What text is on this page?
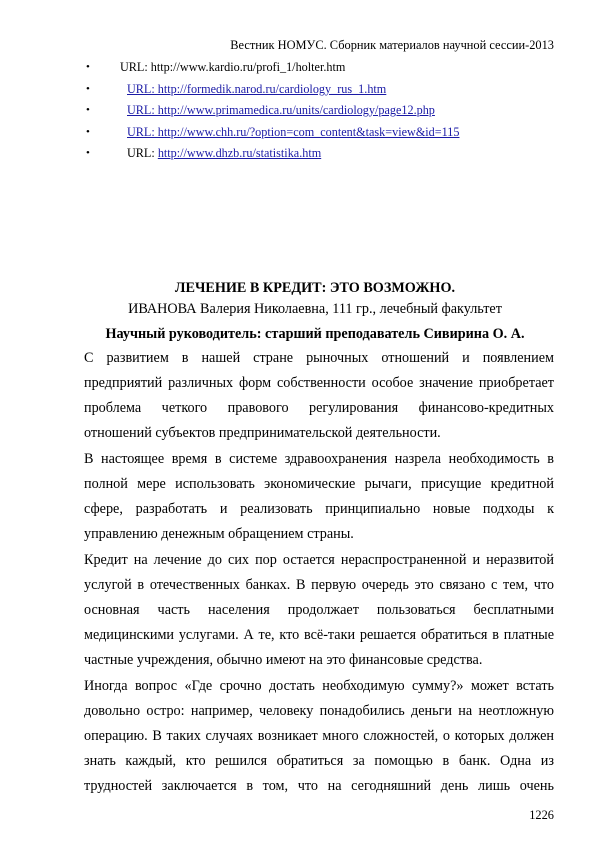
Вестник НОМУС. Сборник материалов научной сессии-2013
• URL: http://www.kardio.ru/profi_1/holter.htm
•	URL: http://formedik.narod.ru/cardiology_rus_1.htm
•	URL: http://www.primamedica.ru/units/cardiology/page12.php
•	URL: http://www.chh.ru/?option=com_content&task=view&id=115
•	URL: http://www.dhzb.ru/statistika.htm
ЛЕЧЕНИЕ В КРЕДИТ: ЭТО ВОЗМОЖНО.
ИВАНОВА Валерия Николаевна, 111 гр., лечебный факультет
Научный руководитель: старший преподаватель Сивирина О. А.

С развитием в нашей стране рыночных отношений и появлением предприятий различных форм собственности особое значение приобретает проблема четкого правового регулирования финансово-кредитных отношений субъектов предпринимательской деятельности.

В настоящее время в системе здравоохранения назрела необходимость в полной мере использовать экономические рычаги, присущие кредитной сфере, разработать и реализовать принципиально новые подходы к управлению денежным обращением страны.

Кредит на лечение до сих пор остается нераспространенной и неразвитой услугой в отечественных банках. В первую очередь это связано с тем, что основная часть населения продолжает пользоваться бесплатными медицинскими услугами. А те, кто всё-таки решается обратиться в платные частные учреждения, обычно имеют на это финансовые средства.

Иногда вопрос «Где срочно достать необходимую сумму?» может встать довольно остро: например, человеку понадобились деньги на неотложную операцию. В таких случаях возникает много сложностей, о которых должен знать каждый, кто решился обратиться за помощью в банк. Одна из трудностей заключается в том, что на сегодняшний день лишь очень

1226
